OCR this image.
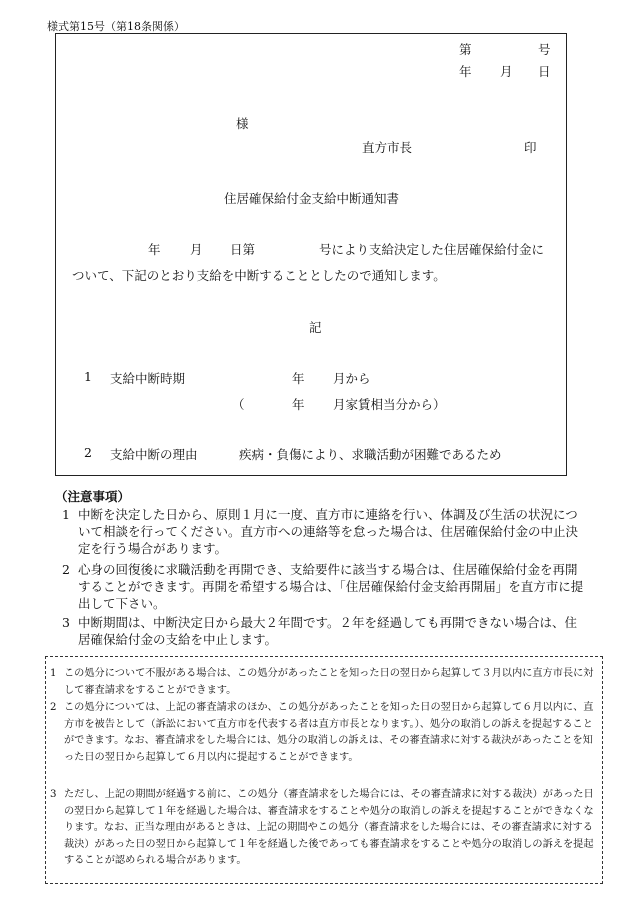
様式第15号（第18条関係）
第	号
年 月 日
様
直方市長	印
住居確保給付金支給中断通知書
年 月 日第	号により支給決定した住居確保給付金に
ついて、下記のとおり支給を中断することとしたので通知します。
記
1 支給中断時期	年 月から
（	年 月家賃相当分から）
2 支給中断の理由	疾病・負傷により、求職活動が困難であるため
（注意事項）
1 中断を決定した日から、原則１月に一度、直方市に連絡を行い、体調及び生活の状況について相談を行ってください。直方市への連絡等を怠った場合は、住居確保給付金の中止決定を行う場合があります。
2 心身の回復後に求職活動を再開でき、支給要件に該当する場合は、住居確保給付金を再開することができます。再開を希望する場合は、「住居確保給付金支給再開届」を直方市に提出して下さい。
3 中断期間は、中断決定日から最大２年間です。２年を経過しても再開できない場合は、住居確保給付金の支給を中止します。
1 この処分について不服がある場合は、この処分があったことを知った日の翌日から起算して３月以内に直方市長に対して審査請求をすることができます。
2 この処分については、上記の審査請求のほか、この処分があったことを知った日の翌日から起算して６月以内に、直方市を被告として（訴訟において直方市を代表する者は直方市長となります。）、処分の取消しの訴えを提起することができます。なお、審査請求をした場合には、処分の取消しの訴えは、その審査請求に対する裁決があったことを知った日の翌日から起算して６月以内に提起することができます。
3 ただし、上記の期間が経過する前に、この処分（審査請求をした場合には、その審査請求に対する裁決）があった日の翌日から起算して１年を経過した場合は、審査請求をすることや処分の取消しの訴えを提起することができなくなります。なお、正当な理由があるときは、上記の期間やこの処分（審査請求をした場合には、その審査請求に対する裁決）があった日の翌日から起算して１年を経過した後であっても審査請求をすることや処分の取消しの訴えを提起することが認められる場合があります。
